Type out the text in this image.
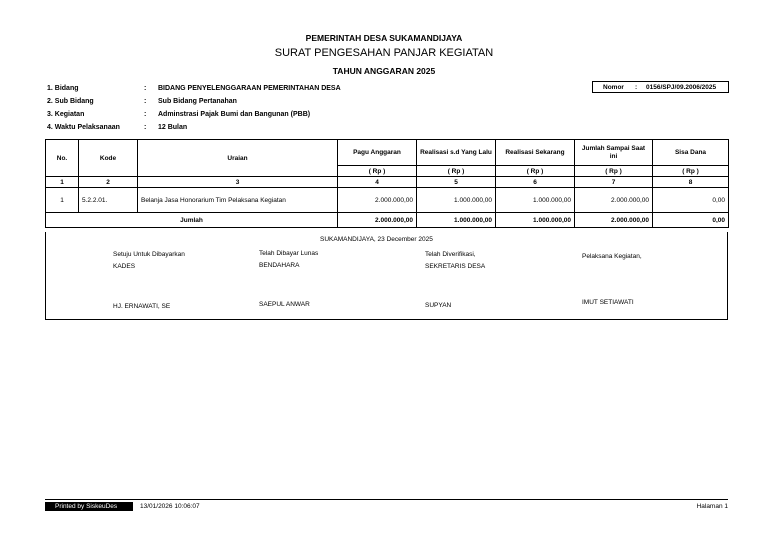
PEMERINTAH DESA SUKAMANDIJAYA
SURAT PENGESAHAN PANJAR KEGIATAN
TAHUN ANGGARAN 2025
1. Bidang	: BIDANG PENYELENGGARAAN PEMERINTAHAN DESA
2. Sub Bidang	: Sub Bidang Pertanahan
3. Kegiatan	: Adminstrasi Pajak Bumi dan Bangunan (PBB)
4. Waktu Pelaksanaan	: 12 Bulan
Nomor : 0156/SPJ/09.2006/2025
No.	Kode	Uraian	Pagu Anggaran	Realisasi s.d Yang Lalu	Realisasi Sekarang	Jumlah Sampai Saat ini	Sisa Dana
			( Rp )	( Rp )	( Rp )	( Rp )	( Rp )
1	2	3	4	5	6	7	8
1	5.2.2.01.	Belanja Jasa Honorarium Tim Pelaksana Kegiatan	2.000.000,00	1.000.000,00	1.000.000,00	2.000.000,00	0,00
Jumlah			2.000.000,00	1.000.000,00	1.000.000,00	2.000.000,00	0,00
SUKAMANDIJAYA, 23 December 2025
Setuju Untuk Dibayarkan
KADES
HJ. ERNAWATI, SE
Telah Dibayar Lunas
BENDAHARA
SAEPUL ANWAR
Telah Diverifikasi,
SEKRETARIS DESA
SUPYAN
Pelaksana Kegiatan,
IMUT SETIAWATI
Printed by SiskeuDes	13/01/2026 10:06:07	Halaman 1
